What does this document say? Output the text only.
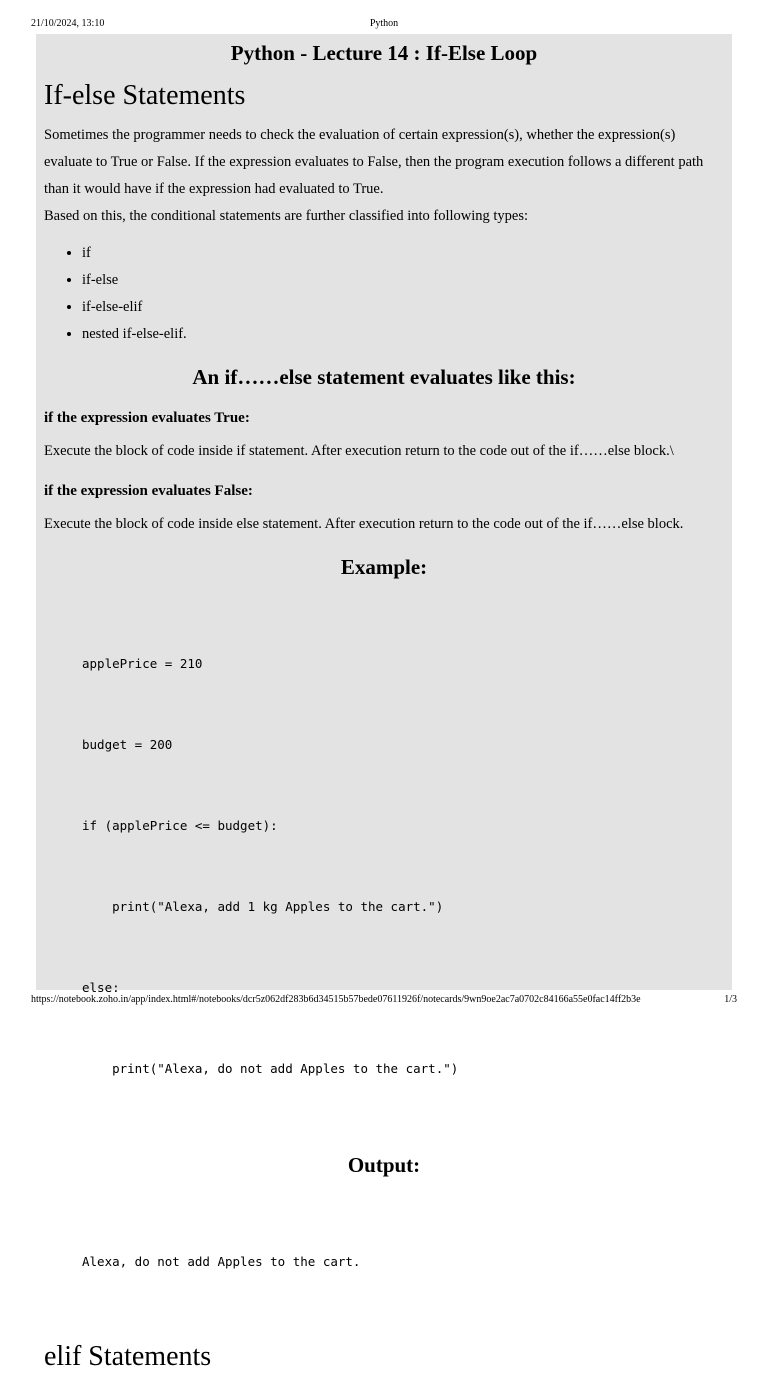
21/10/2024, 13:10	Python
Python - Lecture 14 : If-Else Loop
If-else Statements

Sometimes the programmer needs to check the evaluation of certain expression(s), whether the expression(s) evaluate to True or False. If the expression evaluates to False, then the program execution follows a different path than it would have if the expression had evaluated to True.

Based on this, the conditional statements are further classified into following types:

• if
• if-else
• if-else-elif
• nested if-else-elif.
An if……else statement evaluates like this:
if the expression evaluates True:

Execute the block of code inside if statement. After execution return to the code out of the if……else block.\

if the expression evaluates False:

Execute the block of code inside else statement. After execution return to the code out of the if……else block.

Example:

applePrice = 210

budget = 200

if (applePrice <= budget):

print("Alexa, add 1 kg Apples to the cart.")

else:

print("Alexa, do not add Apples to the cart.")

Output:

Alexa, do not add Apples to the cart.

elif Statements
https://notebook.zoho.in/app/index.html#/notebooks/dcr5z062df283b6d34515b57bede07611926f/notecards/9wn9oe2ac7a0702c84166a55e0fac14ff2b3e	1/3
